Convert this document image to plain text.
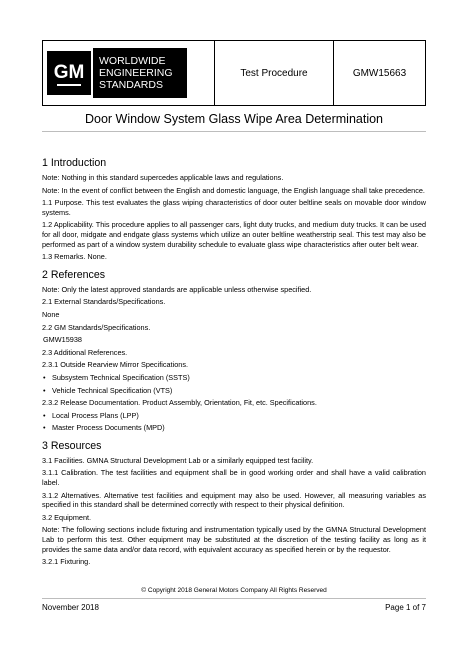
GM
WORLDWIDE
ENGINEERING
STANDARDS
Test Procedure	GMW15663
Door Window System Glass Wipe Area Determination
1 Introduction

Note: Nothing in this standard supercedes applicable laws and regulations.

Note: In the event of conflict between the English and domestic language, the English language shall take precedence.

1.1 Purpose. This test evaluates the glass wiping characteristics of door outer beltline seals on movable door window systems.

1.2 Applicability. This procedure applies to all passenger cars, light duty trucks, and medium duty trucks. It can be used for all door, midgate and endgate glass systems which utilize an outer beltline weatherstrip seal. This test may also be performed as part of a window system durability schedule to evaluate glass wipe characteristics after outer belt wear.

1.3 Remarks. None.

2 References

Note: Only the latest approved standards are applicable unless otherwise specified.

2.1 External Standards/Specifications.

None

2.2 GM Standards/Specifications.

GMW15938

2.3 Additional References.

2.3.1 Outside Rearview Mirror Specifications.

• Subsystem Technical Specification (SSTS)
• Vehicle Technical Specification (VTS)

2.3.2 Release Documentation. Product Assembly, Orientation, Fit, etc. Specifications.

• Local Process Plans (LPP)
• Master Process Documents (MPD)
3 Resources

3.1 Facilities. GMNA Structural Development Lab or a similarly equipped test facility.

3.1.1 Calibration. The test facilities and equipment shall be in good working order and shall have a valid calibration label.

3.1.2 Alternatives. Alternative test facilities and equipment may also be used. However, all measuring variables as specified in this standard shall be determined correctly with respect to their physical definition.

3.2 Equipment.

Note: The following sections include fixturing and instrumentation typically used by the GMNA Structural Development Lab to perform this test. Other equipment may be substituted at the discretion of the testing facility as long as it provides the same data and/or data record, with equivalent accuracy as specified herein or by the requestor.

3.2.1 Fixturing.

© Copyright 2018 General Motors Company All Rights Reserved
November 2018	Page 1 of 7
